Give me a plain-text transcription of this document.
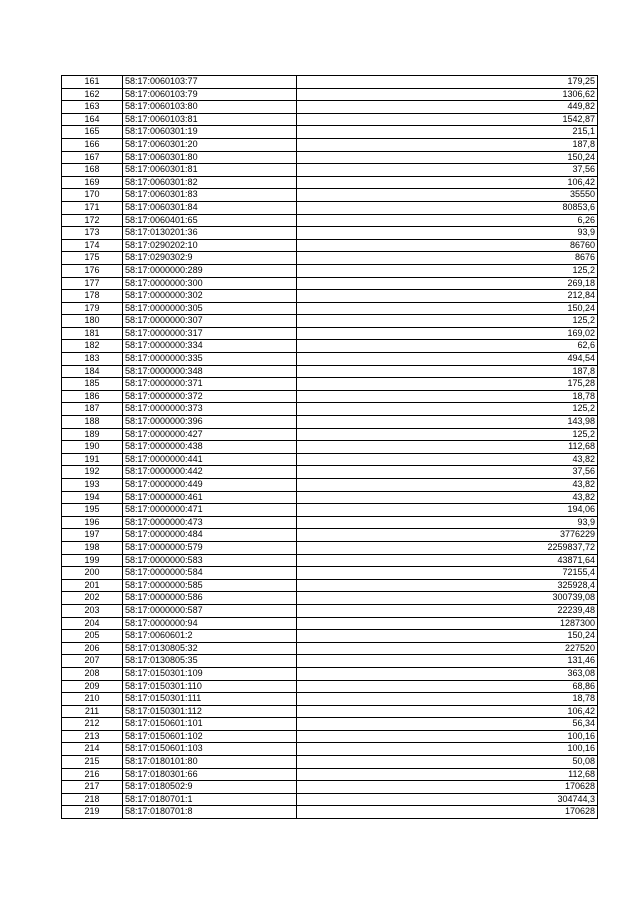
161	58:17:0060103:77	179,25
162	58:17:0060103:79	1306,62
163	58:17:0060103:80	449,82
164	58:17:0060103:81	1542,87
165	58:17:0060301:19	215,1
166	58:17:0060301:20	187,8
167	58:17:0060301:80	150,24
168	58:17:0060301:81	37,56
169	58:17:0060301:82	106,42
170	58:17:0060301:83	35550
171	58:17:0060301:84	80853,6
172	58:17:0060401:65	6,26
173	58:17:0130201:36	93,9
174	58:17:0290202:10	86760
175	58:17:0290302:9	8676
176	58:17:0000000:289	125,2
177	58:17:0000000:300	269,18
178	58:17:0000000:302	212,84
179	58:17:0000000:305	150,24
180	58:17:0000000:307	125,2
181	58:17:0000000:317	169,02
182	58:17:0000000:334	62,6
183	58:17:0000000:335	494,54
184	58:17:0000000:348	187,8
185	58:17:0000000:371	175,28
186	58:17:0000000:372	18,78
187	58:17:0000000:373	125,2
188	58:17:0000000:396	143,98
189	58:17:0000000:427	125,2
190	58:17:0000000:438	112,68
191	58:17:0000000:441	43,82
192	58:17:0000000:442	37,56
193	58:17:0000000:449	43,82
194	58:17:0000000:461	43,82
195	58:17:0000000:471	194,06
196	58:17:0000000:473	93,9
197	58:17:0000000:484	3776229
198	58:17:0000000:579	2259837,72
199	58:17:0000000:583	43871,64
200	58:17:0000000:584	72155,4
201	58:17:0000000:585	325928,4
202	58:17:0000000:586	300739,08
203	58:17:0000000:587	22239,48
204	58:17:0000000:94	1287300
205	58:17:0060601:2	150,24
206	58:17:0130805:32	227520
207	58:17:0130805:35	131,46
208	58:17:0150301:109	363,08
209	58:17:0150301:110	68,86
210	58:17:0150301:111	18,78
211	58:17:0150301:112	106,42
212	58:17:0150601:101	56,34
213	58:17:0150601:102	100,16
214	58:17:0150601:103	100,16
215	58:17:0180101:80	50,08
216	58:17:0180301:66	112,68
217	58:17:0180502:9	170628
218	58:17:0180701:1	304744,3
219	58:17:0180701:8	170628
